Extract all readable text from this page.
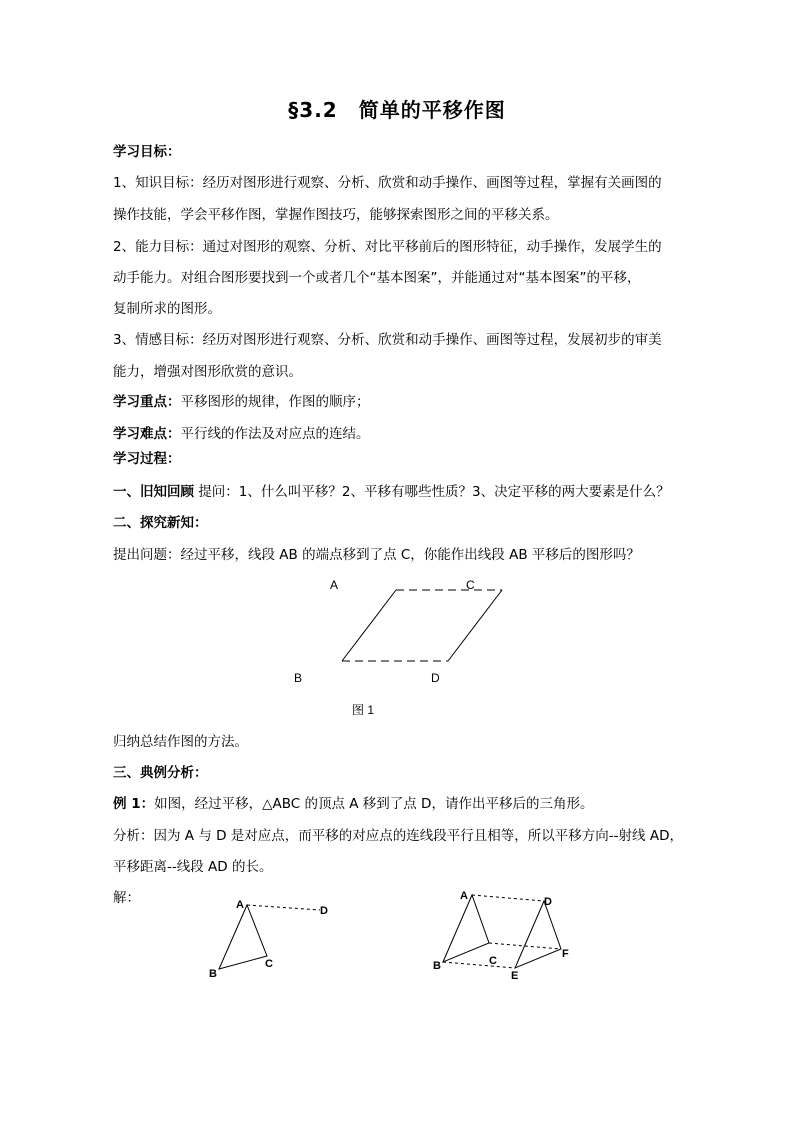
§3.2　简单的平移作图
学习目标：
1、知识目标：经历对图形进行观察、分析、欣赏和动手操作、画图等过程，掌握有关画图的
操作技能，学会平移作图，掌握作图技巧，能够探索图形之间的平移关系。
2、能力目标：通过对图形的观察、分析、对比平移前后的图形特征，动手操作，发展学生的
动手能力。对组合图形要找到一个或者几个“基本图案”，并能通过对“基本图案”的平移，
复制所求的图形。
3、情感目标：经历对图形进行观察、分析、欣赏和动手操作、画图等过程，发展初步的审美
能力，增强对图形欣赏的意识。
学习重点：平移图形的规律，作图的顺序；
学习难点：平行线的作法及对应点的连结。
学习过程：
一、旧知回顾 提问：1、什么叫平移？2、平移有哪些性质？3、决定平移的两大要素是什么？
二、探究新知：
提出问题：经过平移，线段 AB 的端点移到了点 C，你能作出线段 AB 平移后的图形吗？
A	C
B	D
图 1
归纳总结作图的方法。
三、典例分析：
例 1：如图，经过平移，△ABC 的顶点 A 移到了点 D，请作出平移后的三角形。
分析：因为 A 与 D 是对应点，而平移的对应点的连线段平行且相等，所以平移方向--射线 AD，
平移距离--线段 AD 的长。
解：	A	D
B
C
A	D
B	C
F
E
